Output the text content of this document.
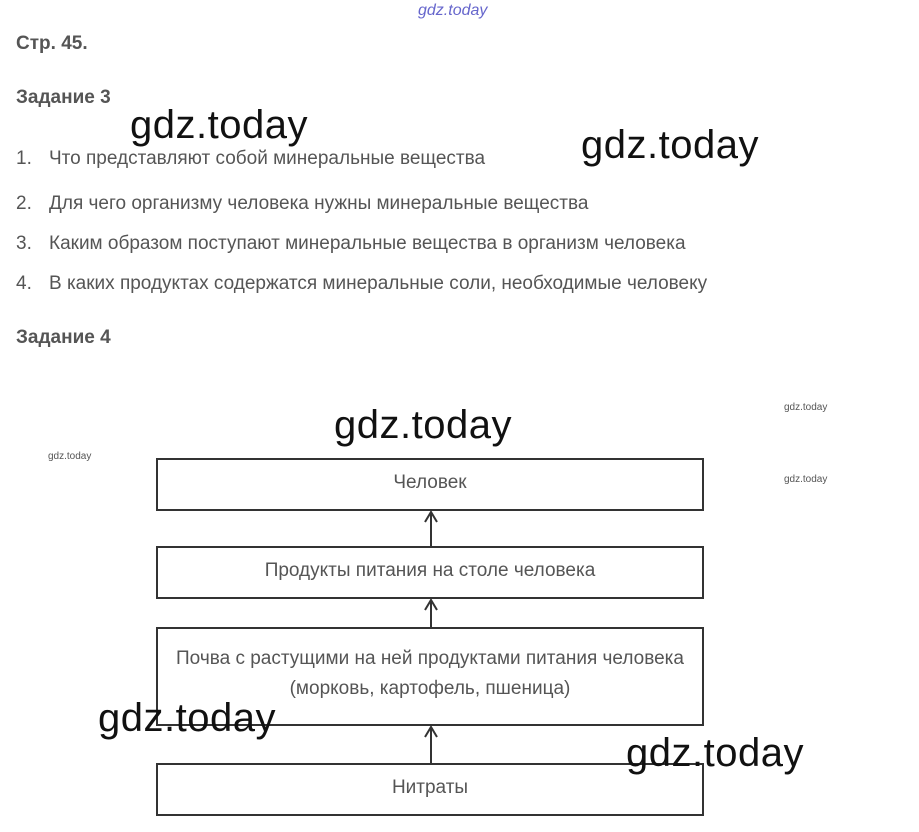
gdz.today
Стр. 45.
Задание 3
1. Что представляют собой минеральные вещества
2. Для чего организму человека нужны минеральные вещества
3. Каким образом поступают минеральные вещества в организм человека
4. В каких продуктах содержатся минеральные соли, необходимые человеку
Задание 4
Человек
Продукты питания на столе человека
Почва с растущими на ней продуктами питания человека (морковь, картофель, пшеница)
Нитраты
gdz.today	gdz.today
gdz.today
gdz.today
gdz.today
gdz.today
gdz.today
gdz.today
